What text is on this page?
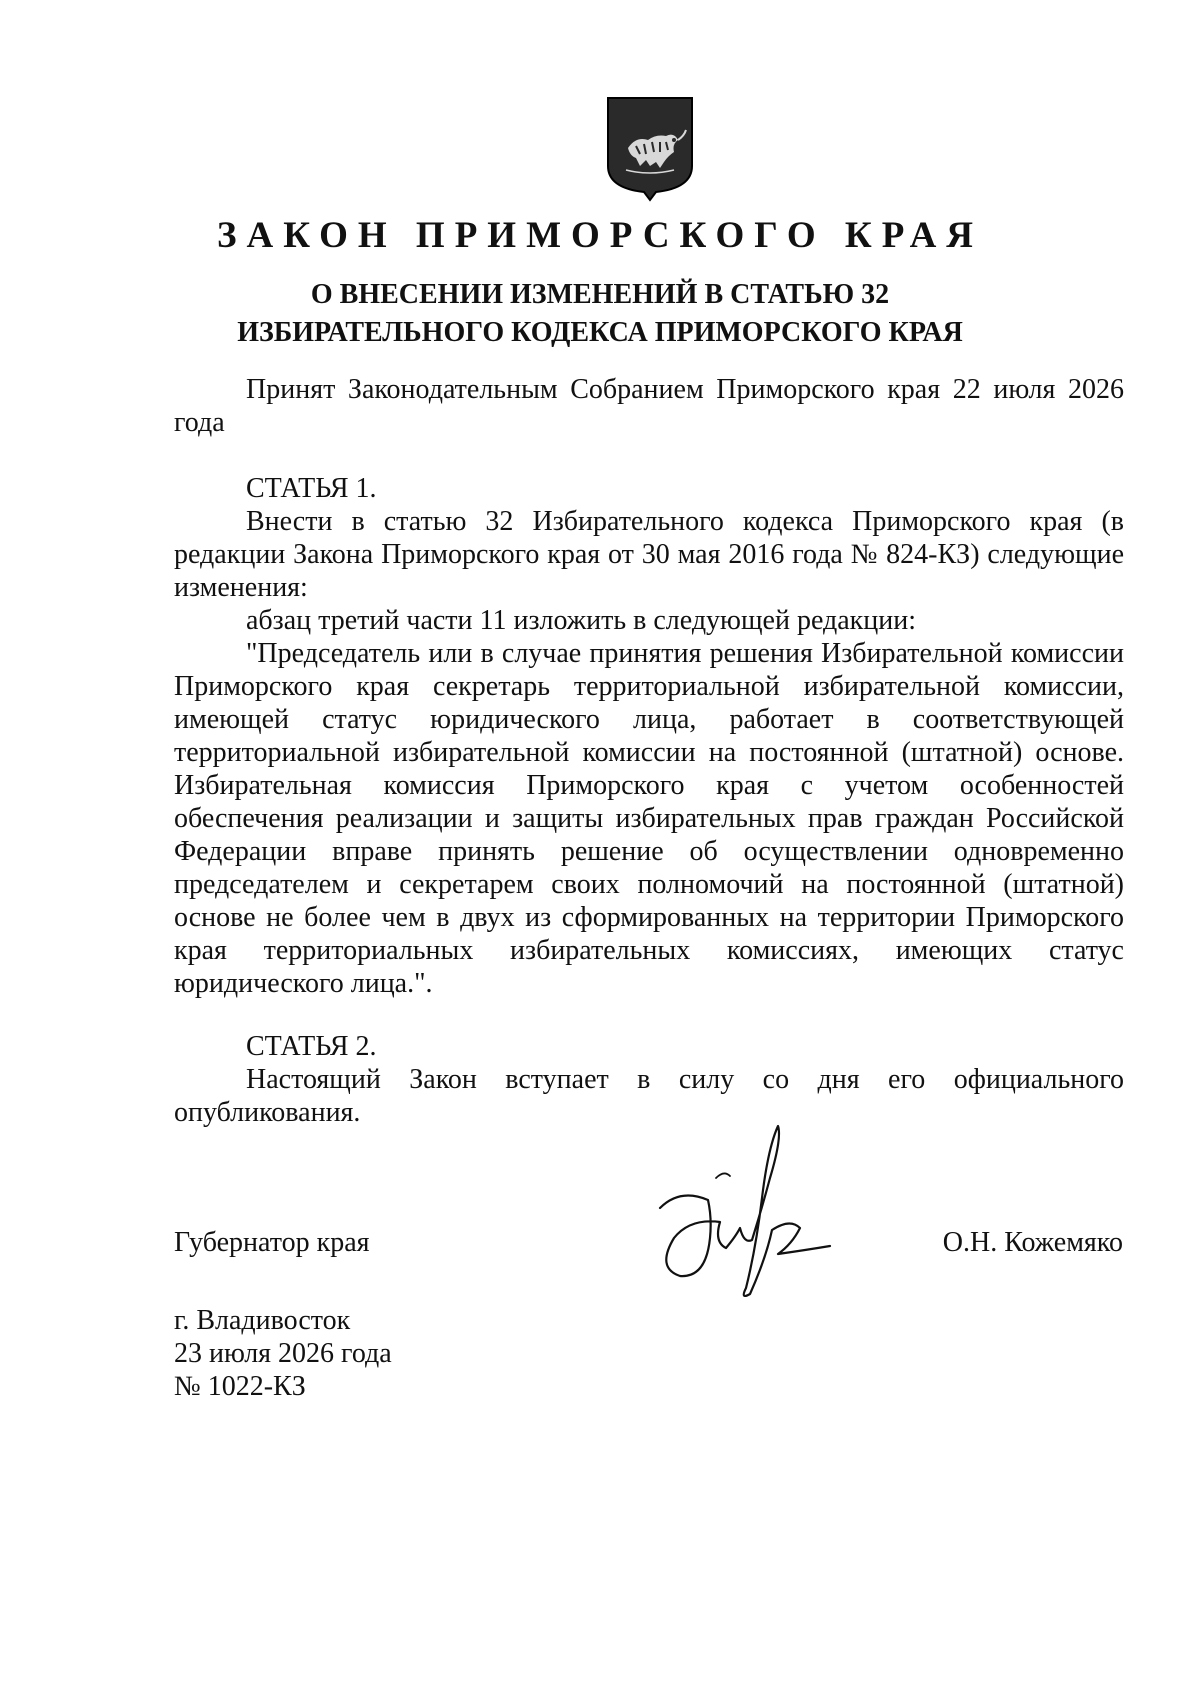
ЗАКОН ПРИМОРСКОГО КРАЯ
О ВНЕСЕНИИ ИЗМЕНЕНИЙ В СТАТЬЮ 32
ИЗБИРАТЕЛЬНОГО КОДЕКСА ПРИМОРСКОГО КРАЯ

Принят Законодательным Собранием Приморского края 22 июля 2026 года

СТАТЬЯ 1.

Внести в статью 32 Избирательного кодекса Приморского края (в редакции Закона Приморского края от 30 мая 2016 года № 824-КЗ) следующие изменения:

абзац третий части 11 изложить в следующей редакции:

"Председатель или в случае принятия решения Избирательной комиссии Приморского края секретарь территориальной избирательной комиссии, имеющей статус юридического лица, работает в соответствующей территориальной избирательной комиссии на постоянной (штатной) основе. Избирательная комиссия Приморского края с учетом особенностей обеспечения реализации и защиты избирательных прав граждан Российской Федерации вправе принять решение об осуществлении одновременно председателем и секретарем своих полномочий на постоянной (штатной) основе не более чем в двух из сформированных на территории Приморского края территориальных избирательных комиссиях, имеющих статус юридического лица.".

СТАТЬЯ 2.

Настоящий Закон вступает в силу со дня его официального опубликования.

Губернатор края	О.Н. Кожемяко
г. Владивосток
23 июля 2026 года
№ 1022-КЗ
